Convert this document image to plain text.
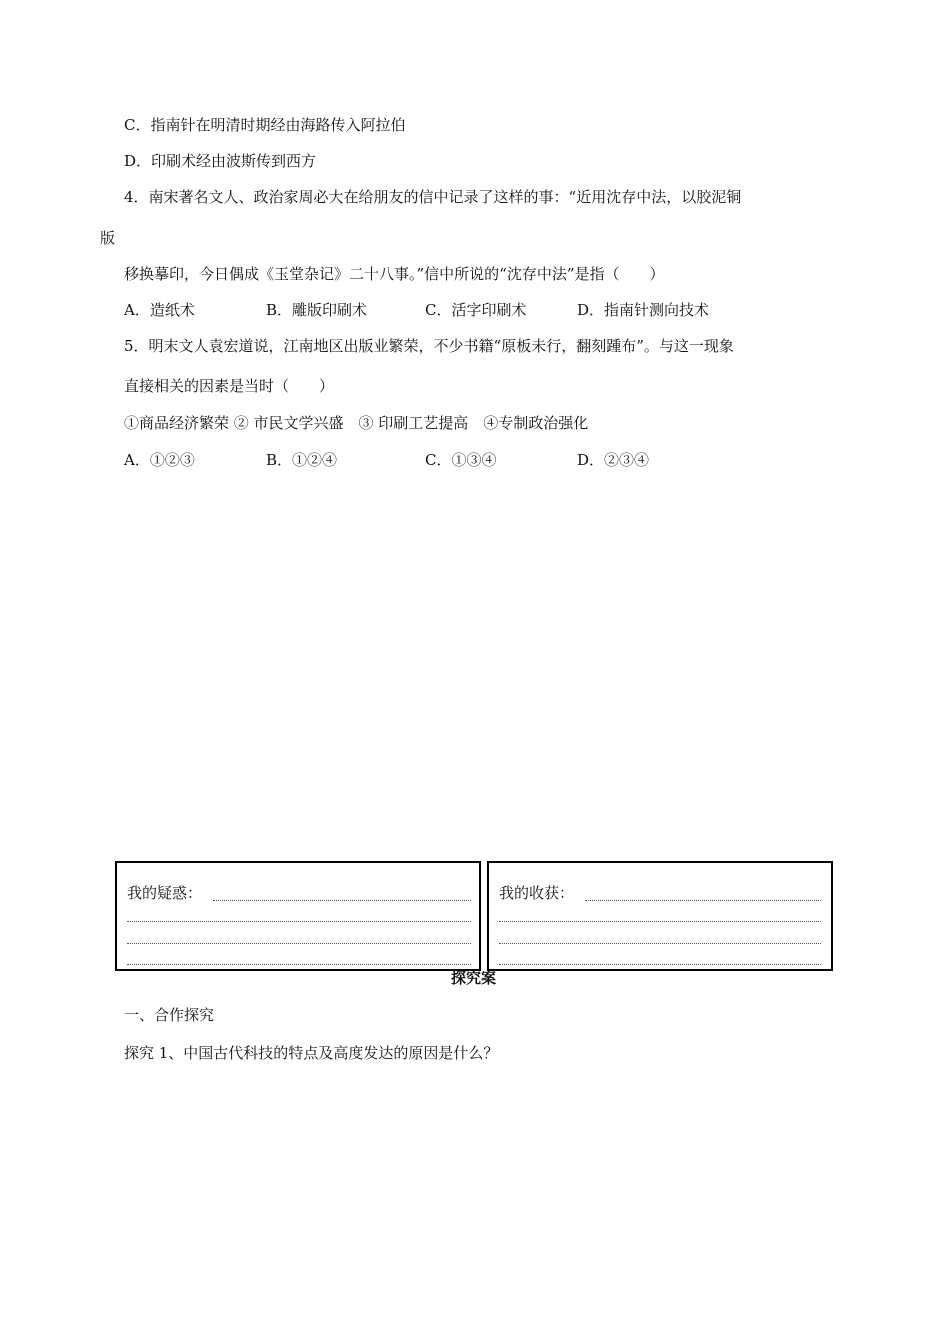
C．指南针在明清时期经由海路传入阿拉伯
D．印刷术经由波斯传到西方
4．南宋著名文人、政治家周必大在给朋友的信中记录了这样的事：“近用沈存中法，以胶泥铜
版
移换摹印，今日偶成《玉堂杂记》二十八事。”信中所说的“沈存中法”是指（　　）
A．造纸术	B．雕版印刷术	C．活字印刷术	D．指南针测向技术
5．明末文人袁宏道说，江南地区出版业繁荣，不少书籍“原板未行，翻刻踵布”。与这一现象
直接相关的因素是当时（　　）
①商品经济繁荣 ② 市民文学兴盛　③ 印刷工艺提高　④专制政治强化
A．①②③	B．①②④	C．①③④	D．②③④
我的疑惑：	我的收获：
探究案
一、合作探究
探究 1、中国古代科技的特点及高度发达的原因是什么？
